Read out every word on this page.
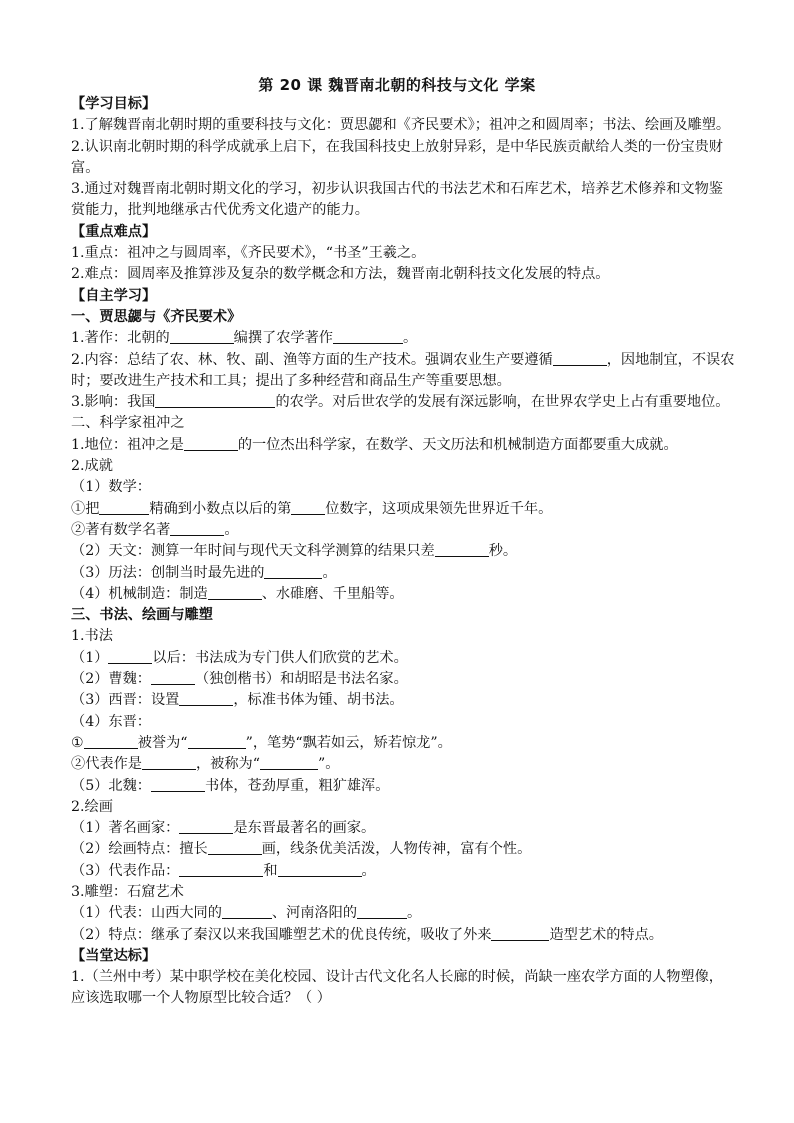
第 20 课 魏晋南北朝的科技与文化 学案
【学习目标】
1.了解魏晋南北朝时期的重要科技与文化：贾思勰和《齐民要术》；祖冲之和圆周率；书法、绘画及雕塑。
2.认识南北朝时期的科学成就承上启下，在我国科技史上放射异彩，是中华民族贡献给人类的一份宝贵财富。
3.通过对魏晋南北朝时期文化的学习，初步认识我国古代的书法艺术和石库艺术，培养艺术修养和文物鉴赏能力，批判地继承古代优秀文化遗产的能力。
【重点难点】
1.重点：祖冲之与圆周率，《齐民要术》，“书圣”王羲之。
2.难点：圆周率及推算涉及复杂的数学概念和方法，魏晋南北朝科技文化发展的特点。
【自主学习】
一、贾思勰与《齐民要术》
1.著作：北朝的	编撰了农学著作	。
2.内容：总结了农、林、牧、副、渔等方面的生产技术。强调农业生产要遵循	，因地制宜，不误农时；要改进生产技术和工具；提出了多种经营和商品生产等重要思想。
3.影响：我国	的农学。对后世农学的发展有深远影响，在世界农学史上占有重要地位。
二、科学家祖冲之
1.地位：祖冲之是	的一位杰出科学家，在数学、天文历法和机械制造方面都要重大成就。
2.成就
（1）数学：
①把	精确到小数点以后的第 位数字，这项成果领先世界近千年。
②著有数学名著	。
（2）天文：测算一年时间与现代天文科学测算的结果只差	秒。
（3）历法：创制当时最先进的	。
（4）机械制造：制造	、水碓磨、千里船等。
三、书法、绘画与雕塑
1.书法
（1）	以后：书法成为专门供人们欣赏的艺术。
（2）曹魏：	（独创楷书）和胡昭是书法名家。
（3）西晋：设置	，标准书体为锺、胡书法。
（4）东晋：
①	被誉为“	”，笔势“飘若如云，矫若惊龙”。
②代表作是	，被称为“	”。
（5）北魏：	书体，苍劲厚重，粗犷雄浑。
2.绘画
（1）著名画家：	是东晋最著名的画家。
（2）绘画特点：擅长	画，线条优美活泼，人物传神，富有个性。
（3）代表作品：	和	。
3.雕塑：石窟艺术
（1）代表：山西大同的	、河南洛阳的	。
（2）特点：继承了秦汉以来我国雕塑艺术的优良传统，吸收了外来	造型艺术的特点。
【当堂达标】
1.（兰州中考）某中职学校在美化校园、设计古代文化名人长廊的时候，尚缺一座农学方面的人物塑像，应该选取哪一个人物原型比较合适？（ ）
